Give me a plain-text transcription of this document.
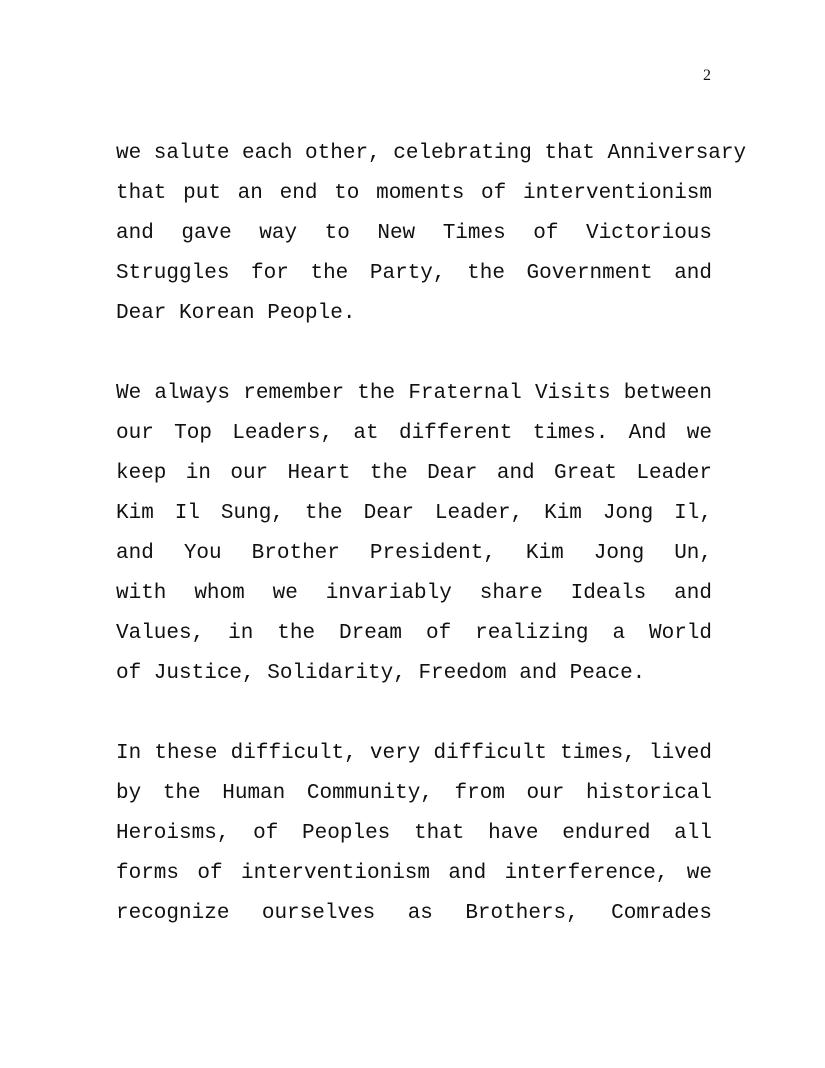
2

we salute each other, celebrating that Anniversary
that put an end to moments of interventionism
and gave way to New Times of Victorious
Struggles for the Party, the Government and
Dear Korean People.

We always remember the Fraternal Visits between
our Top Leaders, at different times. And we
keep in our Heart the Dear and Great Leader
Kim Il Sung, the Dear Leader, Kim Jong Il,
and You Brother President, Kim Jong Un,
with whom we invariably share Ideals and
Values, in the Dream of realizing a World
of Justice, Solidarity, Freedom and Peace.

In these difficult, very difficult times, lived
by the Human Community, from our historical
Heroisms, of Peoples that have endured all
forms of interventionism and interference, we
recognize ourselves as Brothers, Comrades
